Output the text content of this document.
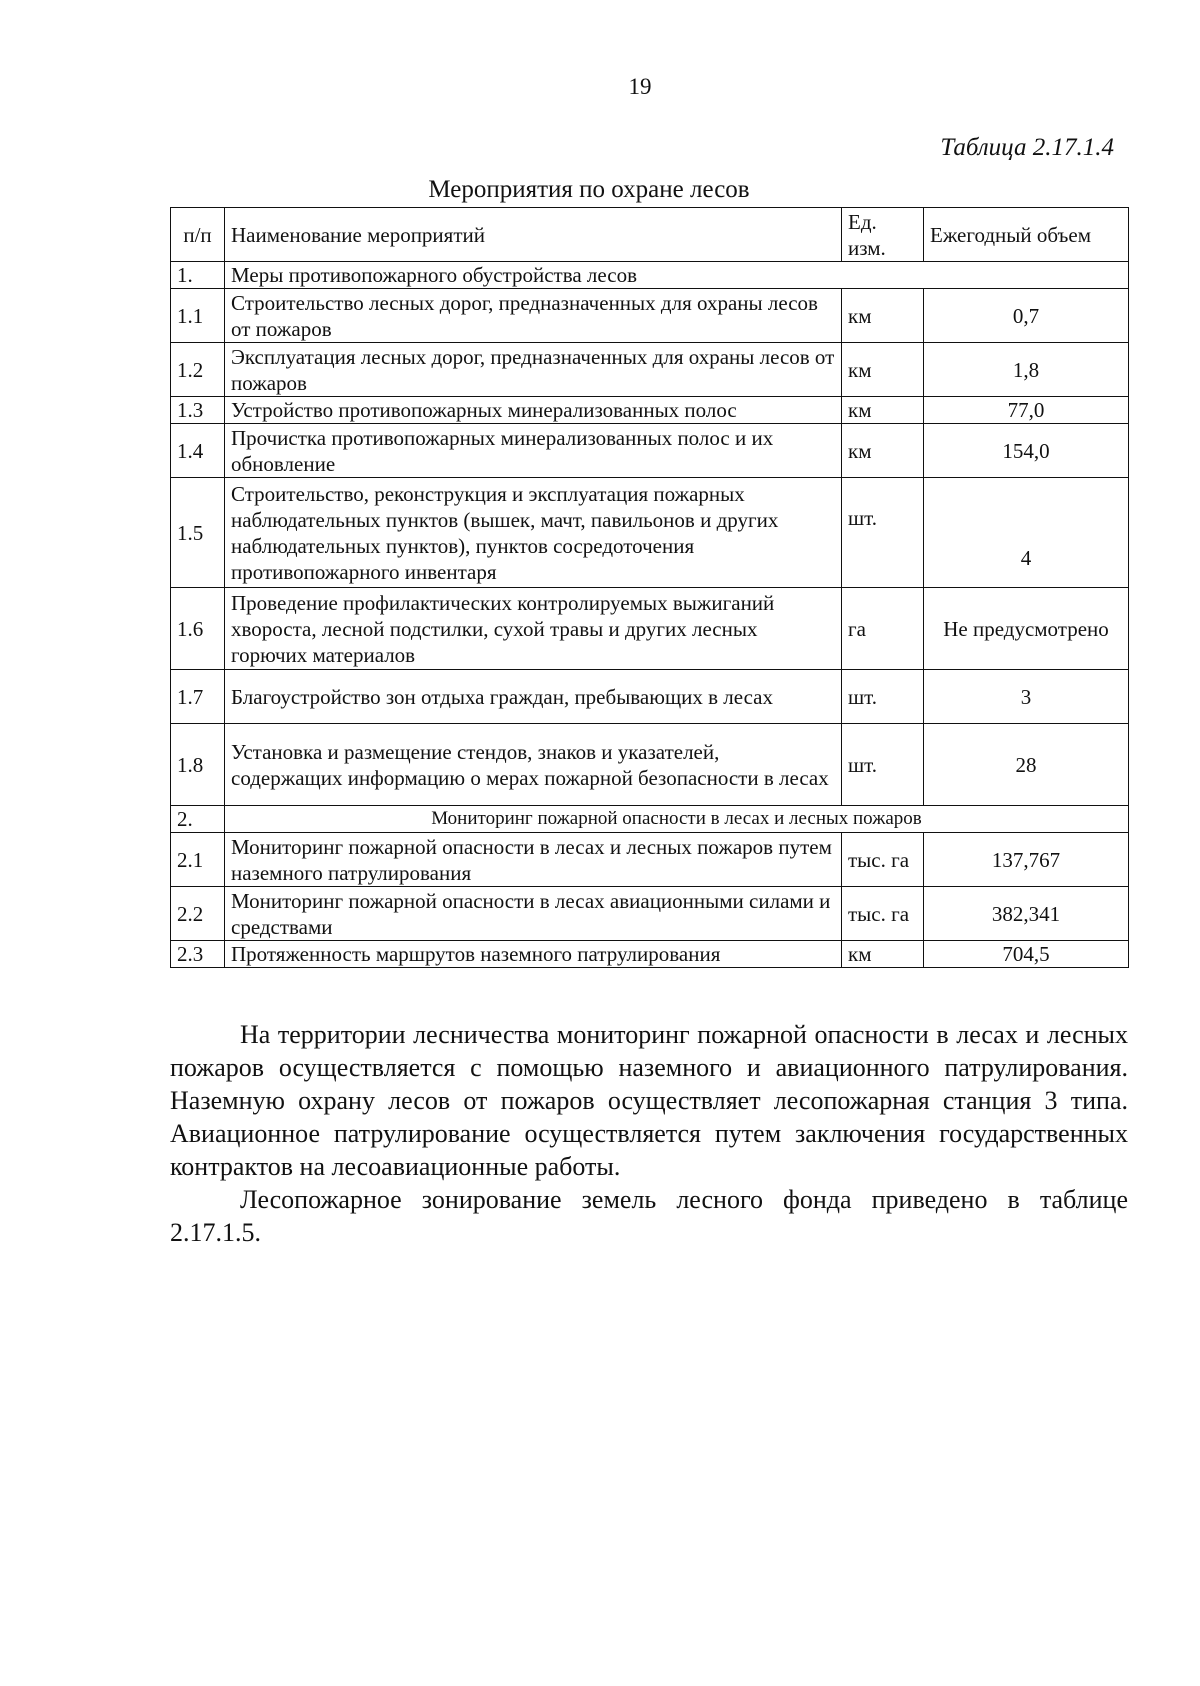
19
Таблица 2.17.1.4
Мероприятия по охране лесов
п/п	Наименование мероприятий	Ед. изм.	Ежегодный объем
1.	Меры противопожарного обустройства лесов		
1.1	Строительство лесных дорог, предназначенных для охраны лесов от пожаров	км	0,7
1.2	Эксплуатация лесных дорог, предназначенных для охраны лесов от пожаров	км	1,8
1.3	Устройство противопожарных минерализованных полос	км	77,0
1.4	Прочистка противопожарных минерализованных полос и их обновление	км	154,0
1.5	Строительство, реконструкция и эксплуатация пожарных наблюдательных пунктов (вышек, мачт, павильонов и других наблюдательных пунктов), пунктов сосредоточения противопожарного инвентаря	шт.	4
1.6	Проведение профилактических контролируемых выжиганий хвороста, лесной подстилки, сухой травы и других лесных горючих материалов	га	Не предусмотрено
1.7	Благоустройство зон отдыха граждан, пребывающих в лесах	шт.	3
1.8	Установка и размещение стендов, знаков и указателей, содержащих информацию о мерах пожарной безопасности в лесах	шт.	28
2.	Мониторинг пожарной опасности в лесах и лесных пожаров		
2.1	Мониторинг пожарной опасности в лесах и лесных пожаров путем наземного патрулирования	тыс. га	137,767
2.2	Мониторинг пожарной опасности в лесах авиационными силами и средствами	тыс. га	382,341
2.3	Протяженность маршрутов наземного патрулирования	км	704,5

На территории лесничества мониторинг пожарной опасности в лесах и лесных пожаров осуществляется с помощью наземного и авиационного патрулирования. Наземную охрану лесов от пожаров осуществляет лесопожарная станция 3 типа. Авиационное патрулирование осуществляется путем заключения государственных контрактов на лесоавиационные работы.

Лесопожарное зонирование земель лесного фонда приведено в таблице 2.17.1.5.
